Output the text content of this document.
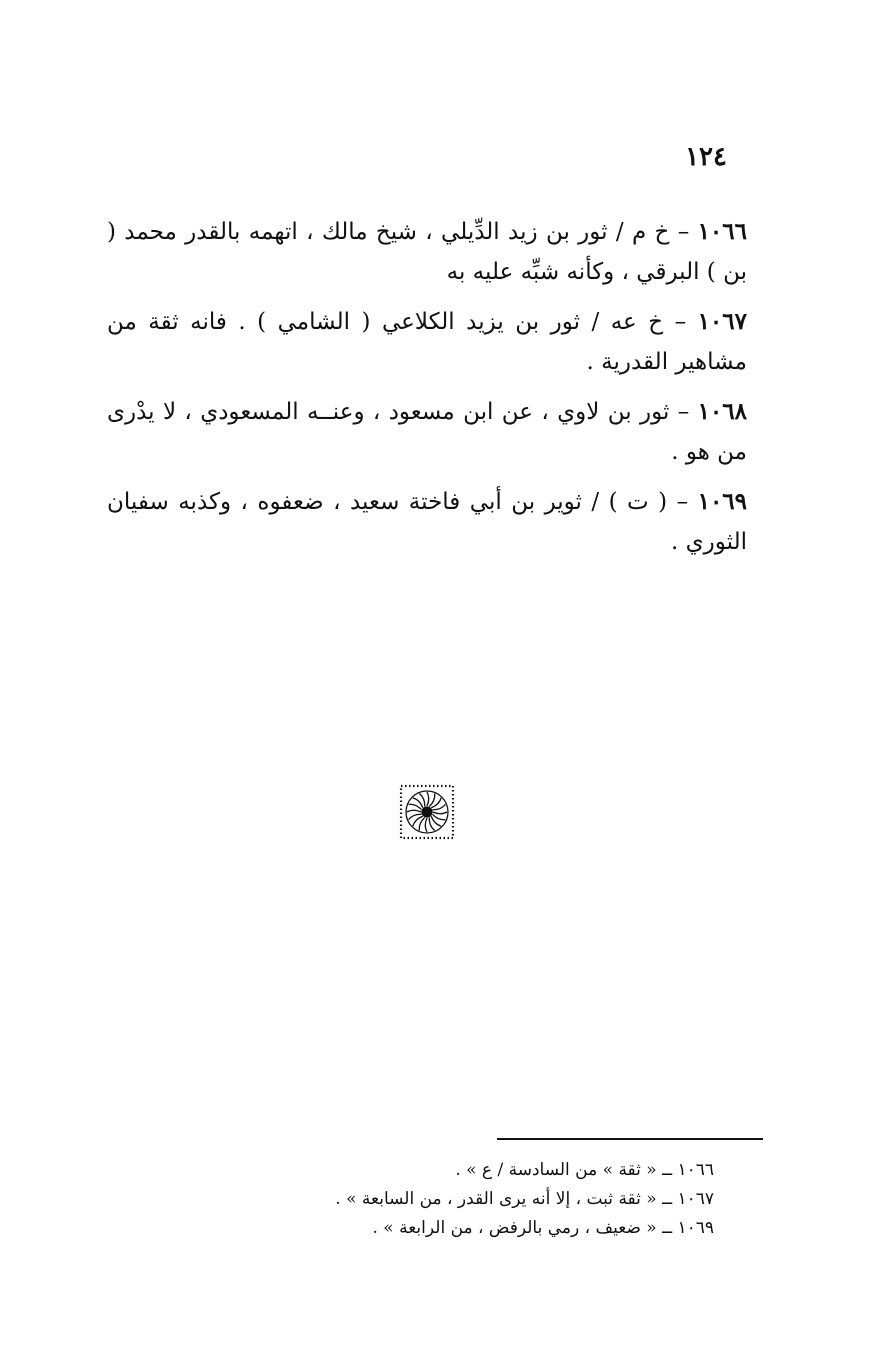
١٢٤

١٠٦٦ – خ م / ثور بن زيد الدِّيلي ، شيخ مالك ، اتهمه بالقدر محمد ( بن ) البرقي ، وكأنه شبِّه عليه به

١٠٦٧ – خ عه / ثور بن يزيد الكلاعي ( الشامي ) . فانه ثقة من مشاهير القدرية .

١٠٦٨ – ثور بن لاوي ، عن ابن مسعود ، وعنــه المسعودي ، لا يدْرى من هو .

١٠٦٩ – ( ت ) / ثوير بن أبي فاختة سعيد ، ضعفوه ، وكذبه سفيان الثوري .

١٠٦٦ ــ « ثقة » من السادسة / ع » .

١٠٦٧ ــ « ثقة ثبت ، إلا أنه يرى القدر ، من السابعة » .

١٠٦٩ ــ « ضعيف ، رمي بالرفض ، من الرابعة » .
